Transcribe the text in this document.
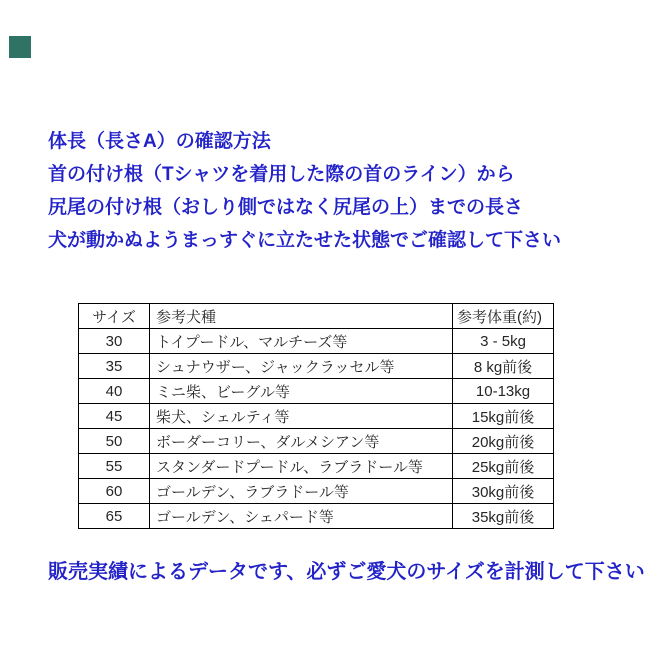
体長（長さA）の確認方法

首の付け根（Tシャツを着用した際の首のライン）から

尻尾の付け根（おしり側ではなく尻尾の上）までの長さ

犬が動かぬようまっすぐに立たせた状態でご確認して下さい

サイズ	参考犬種	参考体重(約)
30	トイプードル、マルチーズ等	3 - 5kg
35	シュナウザー、ジャックラッセル等	8 kg前後
40	ミニ柴、ビーグル等	10-13kg
45	柴犬、シェルティ等	15kg前後
50	ボーダーコリー、ダルメシアン等	20kg前後
55	スタンダードプードル、ラブラドール等	25kg前後
60	ゴールデン、ラブラドール等	30kg前後
65	ゴールデン、シェパード等	35kg前後

販売実績によるデータです、必ずご愛犬のサイズを計測して下さい
